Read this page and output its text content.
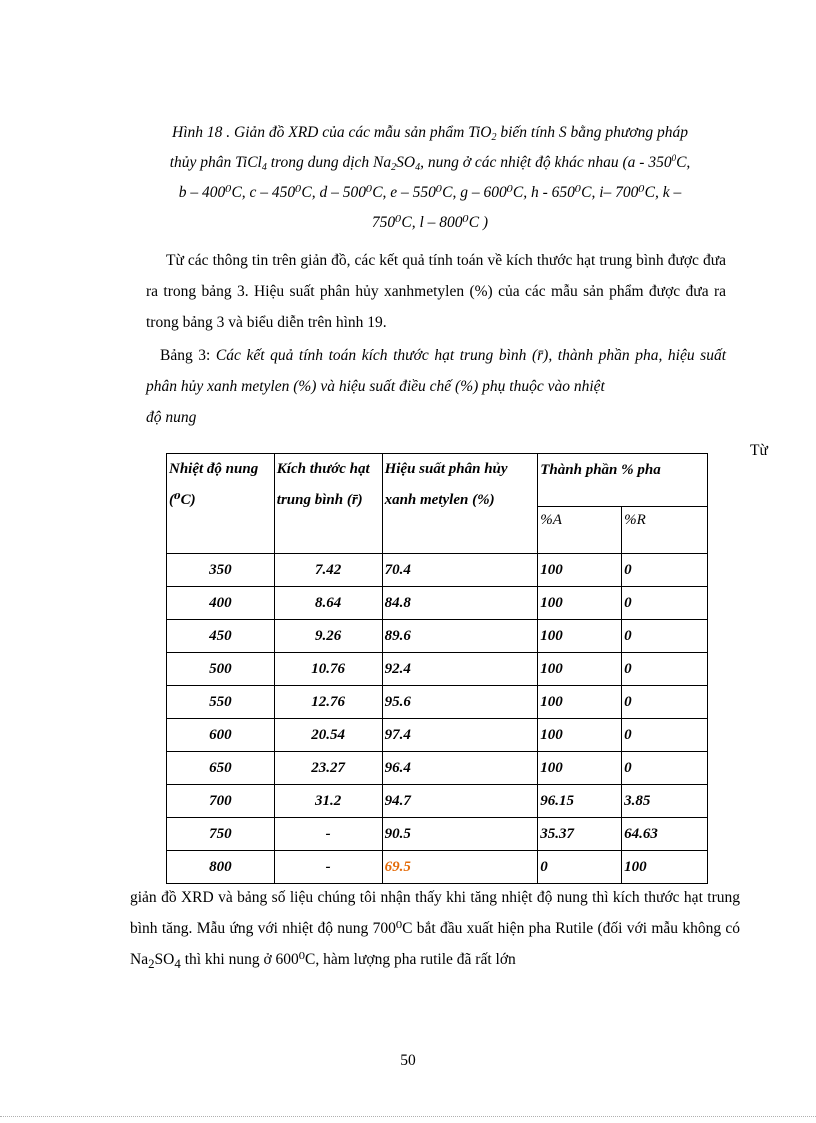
Hình 18 . Giản đồ XRD của các mẫu sản phẩm TiO$_2$ biến tính S bằng phương pháp
thủy phân TiCl$_4$ trong dung dịch $Na_2SO_4$, nung ở các nhiệt độ khác nhau ($a - 350^0C$,
b – 400⁰C, c – 450⁰C, d – 500⁰C, e – 550⁰C, g – 600⁰C, h - 650⁰C, i– 700⁰C, k –
750⁰C, l – 800⁰C )
Từ các thông tin trên giản đồ, các kết quả tính toán về kích thước hạt trung bình được đưa ra trong bảng 3. Hiệu suất phân hủy xanhmetylen (%) của các mẫu sản phẩm được đưa ra trong bảng 3 và biểu diễn trên hình 19.
Bảng 3: Các kết quả tính toán kích thước hạt trung bình (r̄), thành phần pha, hiệu suất phân hủy xanh metylen (%) và hiệu suất điều chế (%) phụ thuộc vào nhiệt
độ nung
Từ
Nhiệt độ nung (⁰C)	Kích thước hạt trung bình (r̄)	Hiệu suất phân hủy xanh metylen (%)	Thành phần % pha	
			%A	%R
350	7.42	70.4	100	0
400	8.64	84.8	100	0
450	9.26	89.6	100	0
500	10.76	92.4	100	0
550	12.76	95.6	100	0
600	20.54	97.4	100	0
650	23.27	96.4	100	0
700	31.2	94.7	96.15	3.85
750	-	90.5	35.37	64.63
800	-	69.5	0	100
giản đồ XRD và bảng số liệu chúng tôi nhận thấy khi tăng nhiệt độ nung thì kích thước hạt trung bình tăng. Mẫu ứng với nhiệt độ nung 700⁰C bắt đầu xuất hiện pha Rutile (đối với mẫu không có $Na_2SO_4$ thì khi nung ở 600⁰C, hàm lượng pha rutile đã rất lớn
50
